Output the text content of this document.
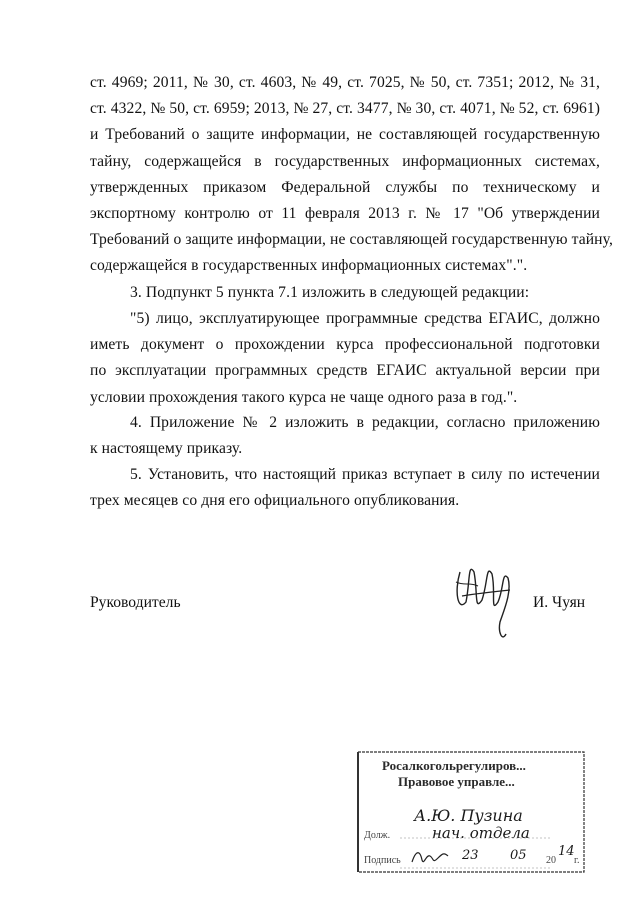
ст. 4969; 2011, № 30, ст. 4603, № 49, ст. 7025, № 50, ст. 7351; 2012, № 31,
ст. 4322, № 50, ст. 6959; 2013, № 27, ст. 3477, № 30, ст. 4071, № 52, ст. 6961)
и Требований о защите информации, не составляющей государственную
тайну, содержащейся в государственных информационных системах,
утвержденных приказом Федеральной службы по техническому и
экспортному контролю от 11 февраля 2013 г. № 17 "Об утверждении
Требований о защите информации, не составляющей государственную тайну,
содержащейся в государственных информационных системах".".
3. Подпункт 5 пункта 7.1 изложить в следующей редакции:
"5) лицо, эксплуатирующее программные средства ЕГАИС, должно
иметь документ о прохождении курса профессиональной подготовки
по эксплуатации программных средств ЕГАИС актуальной версии при
условии прохождения такого курса не чаще одного раза в год.".
4. Приложение № 2 изложить в редакции, согласно приложению
к настоящему приказу.
5. Установить, что настоящий приказ вступает в силу по истечении
трех месяцев со дня его официального опубликования.
Руководитель	И. Чуян
Росалкогольрегулиров...
Правовое управле...
А.Ю. Пузина
Долж.	нач. отдела
Подпись	23 05 20
14
г.
